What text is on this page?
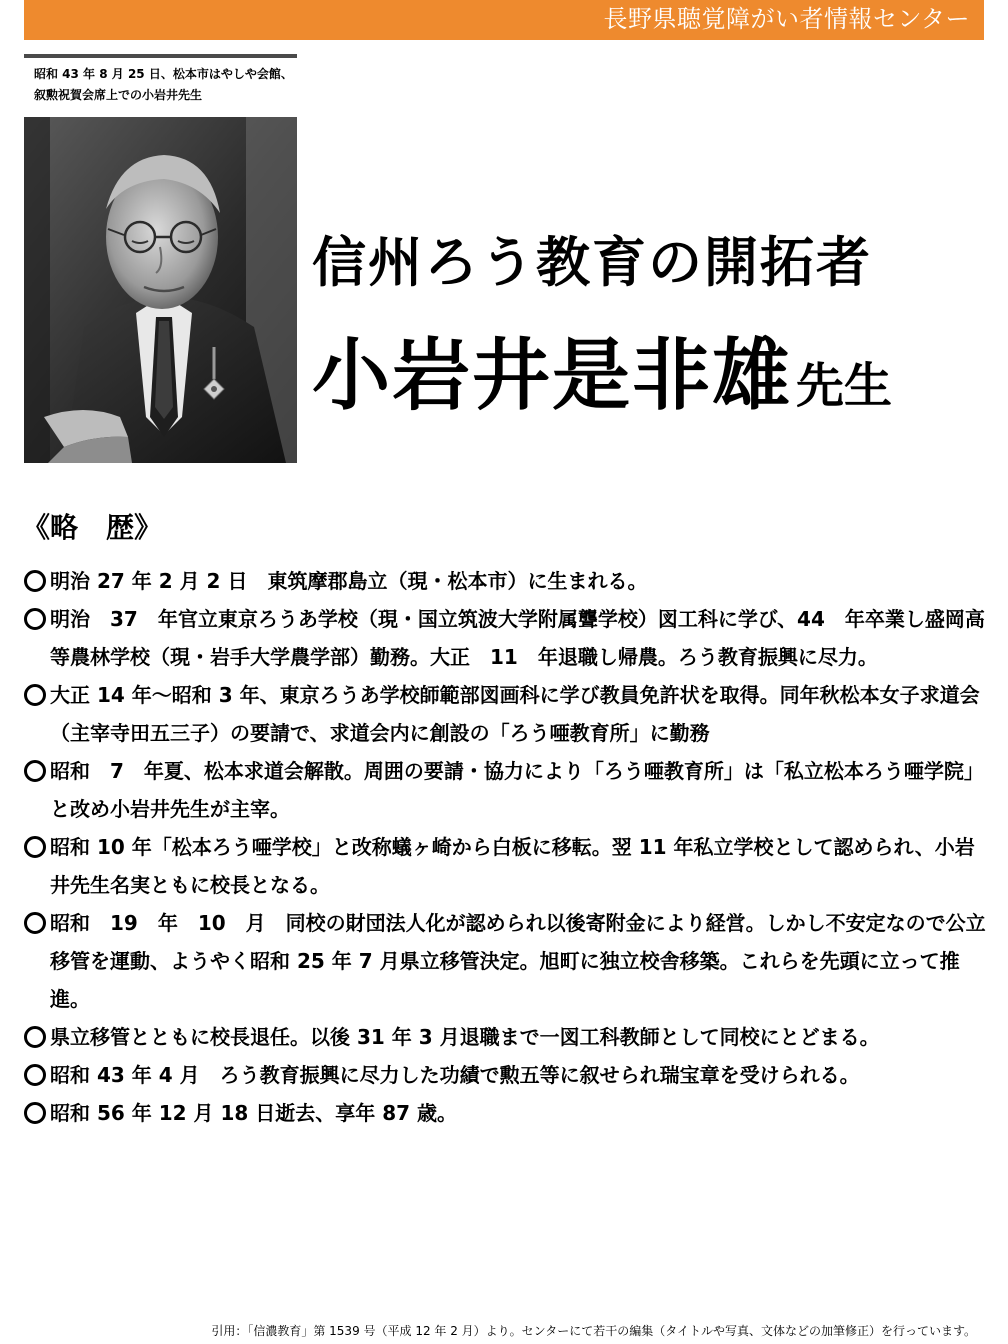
長野県聴覚障がい者情報センター
昭和 43 年 8 月 25 日、松本市はやしや会館、
叙勲祝賀会席上での小岩井先生
信州ろう教育の開拓者
小岩井是非雄先生
《略　歴》
明治 27 年 2 月 2 日　東筑摩郡島立（現・松本市）に生まれる。
明治　37　年官立東京ろうあ学校（現・国立筑波大学附属聾学校）図工科に学び、44　年卒業し盛岡高等農林学校（現・岩手大学農学部）勤務。大正　11　年退職し帰農。ろう教育振興に尽力。
大正 14 年～昭和 3 年、東京ろうあ学校師範部図画科に学び教員免許状を取得。同年秋松本女子求道会（主宰寺田五三子）の要請で、求道会内に創設の「ろう唖教育所」に勤務
昭和　7　年夏、松本求道会解散。周囲の要請・協力により「ろう唖教育所」は「私立松本ろう唖学院」と改め小岩井先生が主宰。
昭和 10 年「松本ろう唖学校」と改称蟻ヶ崎から白板に移転。翌 11 年私立学校として認められ、小岩井先生名実ともに校長となる。
昭和　19　年　10　月　同校の財団法人化が認められ以後寄附金により経営。しかし不安定なので公立移管を運動、ようやく昭和 25 年 7 月県立移管決定。旭町に独立校舎移築。これらを先頭に立って推進。
県立移管とともに校長退任。以後 31 年 3 月退職まで一図工科教師として同校にとどまる。
昭和 43 年 4 月　ろう教育振興に尽力した功績で勲五等に叙せられ瑞宝章を受けられる。
昭和 56 年 12 月 18 日逝去、享年 87 歳。
引用：「信濃教育」第 1539 号（平成 12 年 2 月）より。センターにて若干の編集（タイトルや写真、文体などの加筆修正）を行っています。
